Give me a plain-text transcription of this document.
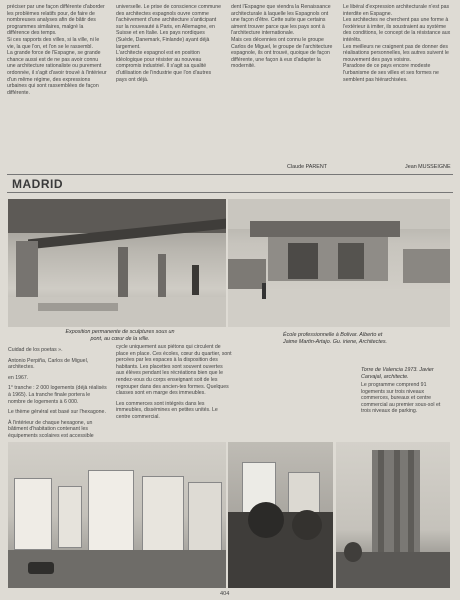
préciser par une façon différente d'aborder les problèmes relatifs pour, de faire de nombreuses analyses afin de bâtir des programmes similaires, malgré la différence des temps.

Si ces rapports des villes, si la ville, ni le vie, la que l'on, et l'on se le rassembl.

La grande force de l'Espagne, se grande chance aussi est de ne pas avoir connu une architecture rationaliste ou purement ordonnée, il s'agit d'avoir trouvé à l'intérieur d'un même régime, des expressions urbaines qui sont rassemblées de façon différente.

universelle. Le prise de conscience commune des architectes espagnols ouvre comme l'achèvement d'une architecture s'anticipant sur la nouveauté à Paris, en Allemagne, en Suisse et en Italie. Les pays nordiques (Suède, Danemark, Finlande) ayant déjà largement.

L'architecte espagnol est en position idéologique pour résister au nouveau compromis industriel. Il s'agit sa qualité d'utilisation de l'industrie que l'on d'autres pays ont déjà.

dent l'Espagne que viendra la Renaissance architecturale à laquelle les Espagnols ont une façon d'être. Cette suite que certains aiment trouver parce que les pays sont à l'architecture internationale.

Mais ces décennies ont connu le groupe Carlos de Miguel, le groupe de l'architecture espagnole, ils ont trouvé, quoique de façon différente, une façon à eux d'adapter la modernité.

Le libéral d'expression architecturale n'est pas interdite en Espagne.

Les architectes ne cherchent pas une forme à l'extérieur à imiter, ils soustraient au système des conditions, le concept de la résistance aux intérêts.

Les meilleurs ne craignent pas de donner des réalisations personnelles, les autres suivent le mouvement des pays voisins.

Paradoxe de ce pays encore modeste l'urbanisme de ses villes et ses formes ne semblent pas hiérarchisées.

Claude PARENT	Jean MUSSEIGNE
MADRID
Exposition permanente de sculptures sous un pont, au cœur de la ville.
École professionnelle à Bolivar. Alberto et Jaime Martin-Artajo. Gu. iriene, Architectes.

Cuidad de los poetas ».

Antonio Perpiña, Carlos de Miguel, architectes.

en 1967.

1° tranche : 2 000 logements (déjà réalisés à 1965). La tranche finale portera le nombre de logements à 6 000.

Le thème général est basé sur l'hexagone.

À l'intérieur de chaque hexagone, un bâtiment d'habitation contenant les équipements scolaires est accessible

cycle uniquement aux piétons qui circulent de place en place. Ces écoles, cœur du quartier, sont percées par les espaces à la disposition des habitants. Les placettes sont souvent ouvertes aux élèves pendant les récréations bien que le rendez-vous du corps enseignant soit de les regrouper dans des ancien-tes formes. Quelques classes sont en marge des immeubles.

Les commerces sont intégrés dans les immeubles, dissémines en petites unités. Le centre commercial.

Torre de Valencia 1973. Javier Carvajal, architecte.
Le programme comprend 91 logements sur trois niveaux commerces, bureaux et centre commercial au premier sous-sol et trois niveaux de parking.
404
